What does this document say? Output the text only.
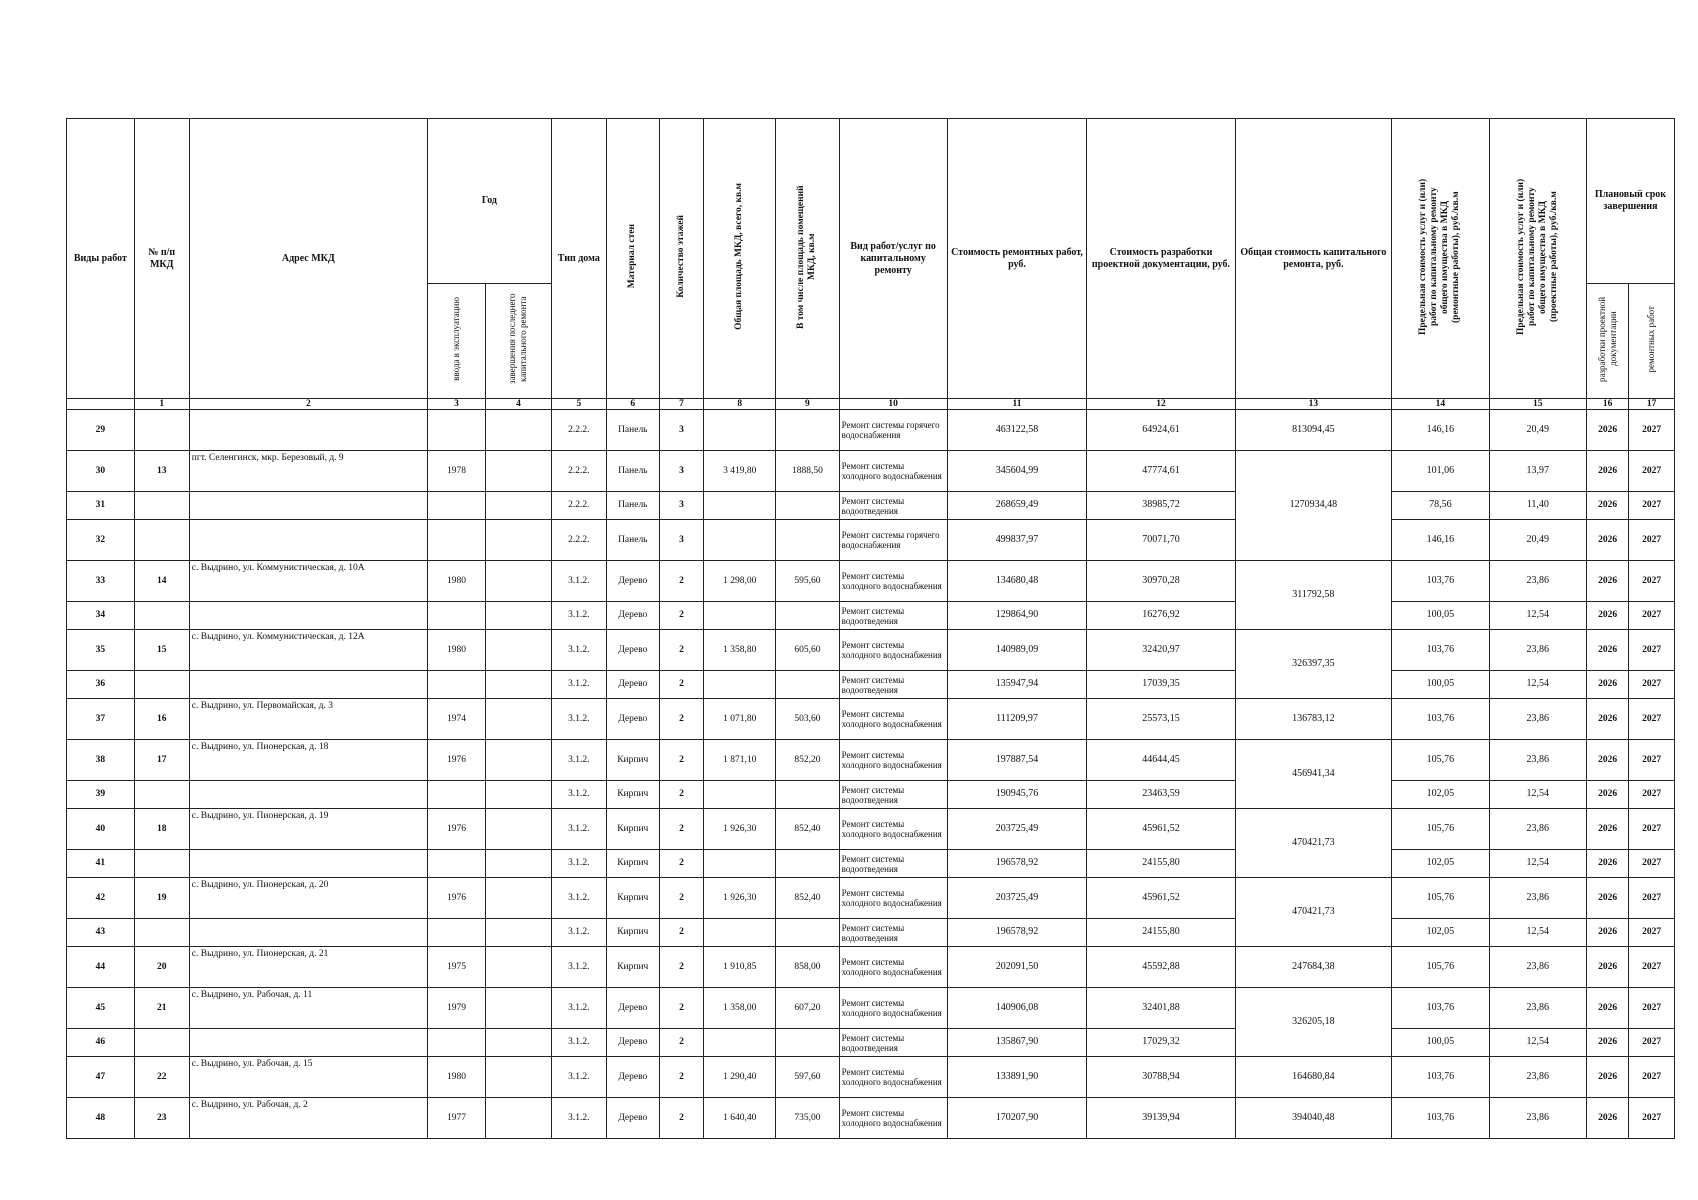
Виды работ	№ п/п МКД	Адрес МКД	Год		Тип дома	Материал стен	Количество этажей	Общая площадь МКД, всего, кв.м	В том числе площадь помещений МКД, кв.м	Вид работ/услуг по капитальному ремонту	Стоимость ремонтных работ, руб.	Стоимость разработки проектной документации, руб.	Общая стоимость капитального ремонта, руб.	Предельная стоимость услуг и (или) работ по капитальному ремонту общего имущества в МКД (ремонтные работы), руб./кв.м	Предельная стоимость услуг и (или) работ по капитальному ремонту общего имущества в МКД (проектные работы), руб./кв.м	Плановый срок завершения	
			ввода в эксплуатацию	завершения последнего капитального ремонта												разработки проектной документации	ремонтных работ
	1	2	3	4	5	6	7	8	9	10	11	12	13	14	15	16	17
29					2.2.2.	Панель	3			Ремонт системы горячего водоснабжения	463122,58	64924,61	813094,45	146,16	20,49	2026	2027
30	13	пгт. Селенгинск, мкр. Березовый, д. 9	1978		2.2.2.	Панель	3	3 419,80	1888,50	Ремонт системы холодного водоснабжения	345604,99	47774,61	1270934,48	101,06	13,97	2026	2027
31					2.2.2.	Панель	3			Ремонт системы водоотведения	268659,49	38985,72		78,56	11,40	2026	2027
32					2.2.2.	Панель	3			Ремонт системы горячего водоснабжения	499837,97	70071,70		146,16	20,49	2026	2027
33	14	с. Выдрино, ул. Коммунистическая, д. 10А	1980		3.1.2.	Дерево	2	1 298,00	595,60	Ремонт системы холодного водоснабжения	134680,48	30970,28	311792,58	103,76	23,86	2026	2027
34					3.1.2.	Дерево	2			Ремонт системы водоотведения	129864,90	16276,92		100,05	12,54	2026	2027
35	15	с. Выдрино, ул. Коммунистическая, д. 12А	1980		3.1.2.	Дерево	2	1 358,80	605,60	Ремонт системы холодного водоснабжения	140989,09	32420,97	326397,35	103,76	23,86	2026	2027
36					3.1.2.	Дерево	2			Ремонт системы водоотведения	135947,94	17039,35		100,05	12,54	2026	2027
37	16	с. Выдрино, ул. Первомайская, д. 3	1974		3.1.2.	Дерево	2	1 071,80	503,60	Ремонт системы холодного водоснабжения	111209,97	25573,15	136783,12	103,76	23,86	2026	2027
38	17	с. Выдрино, ул. Пионерская, д. 18	1976		3.1.2.	Кирпич	2	1 871,10	852,20	Ремонт системы холодного водоснабжения	197887,54	44644,45	456941,34	105,76	23,86	2026	2027
39					3.1.2.	Кирпич	2			Ремонт системы водоотведения	190945,76	23463,59		102,05	12,54	2026	2027
40	18	с. Выдрино, ул. Пионерская, д. 19	1976		3.1.2.	Кирпич	2	1 926,30	852,40	Ремонт системы холодного водоснабжения	203725,49	45961,52	470421,73	105,76	23,86	2026	2027
41					3.1.2.	Кирпич	2			Ремонт системы водоотведения	196578,92	24155,80		102,05	12,54	2026	2027
42	19	с. Выдрино, ул. Пионерская, д. 20	1976		3.1.2.	Кирпич	2	1 926,30	852,40	Ремонт системы холодного водоснабжения	203725,49	45961,52	470421,73	105,76	23,86	2026	2027
43					3.1.2.	Кирпич	2			Ремонт системы водоотведения	196578,92	24155,80		102,05	12,54	2026	2027
44	20	с. Выдрино, ул. Пионерская, д. 21	1975		3.1.2.	Кирпич	2	1 910,85	858,00	Ремонт системы холодного водоснабжения	202091,50	45592,88	247684,38	105,76	23,86	2026	2027
45	21	с. Выдрино, ул. Рабочая, д. 11	1979		3.1.2.	Дерево	2	1 358,00	607,20	Ремонт системы холодного водоснабжения	140906,08	32401,88	326205,18	103,76	23,86	2026	2027
46					3.1.2.	Дерево	2			Ремонт системы водоотведения	135867,90	17029,32		100,05	12,54	2026	2027
47	22	с. Выдрино, ул. Рабочая, д. 15	1980		3.1.2.	Дерево	2	1 290,40	597,60	Ремонт системы холодного водоснабжения	133891,90	30788,94	164680,84	103,76	23,86	2026	2027
48	23	с. Выдрино, ул. Рабочая, д. 2	1977		3.1.2.	Дерево	2	1 640,40	735,00	Ремонт системы холодного водоснабжения	170207,90	39139,94	394040,48	103,76	23,86	2026	2027
